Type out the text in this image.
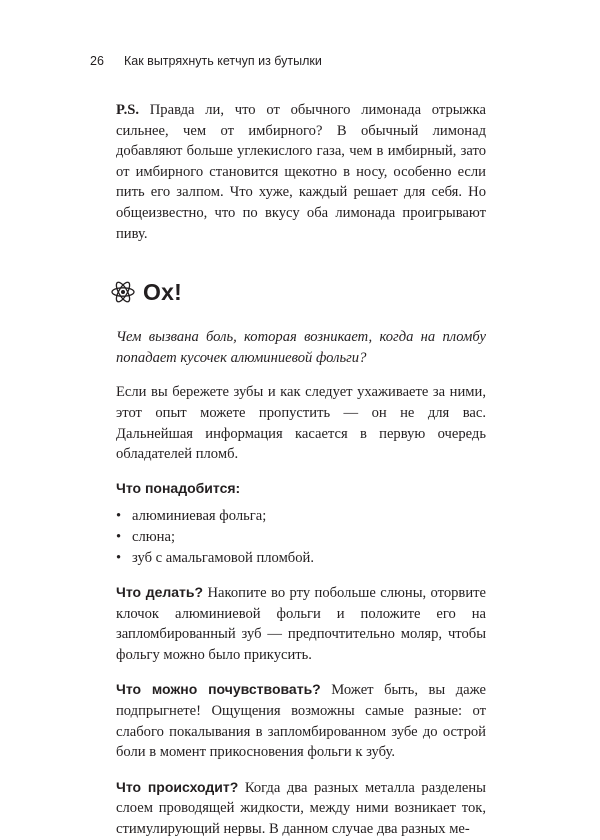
26	Как вытряхнуть кетчуп из бутылки

P.S. Правда ли, что от обычного лимонада отрыжка сильнее, чем от имбирного? В обычный лимонад добавляют больше углекислого газа, чем в имбирный, зато от имбирного становится щекотно в носу, особенно если пить его залпом. Что хуже, каждый решает для себя. Но общеизвестно, что по вкусу оба лимонада проигрывают пиву.

Ох!

Чем вызвана боль, которая возникает, когда на пломбу попадает кусочек алюминиевой фольги?

Если вы бережете зубы и как следует ухаживаете за ними, этот опыт можете пропустить — он не для вас. Дальнейшая информация касается в первую очередь обладателей пломб.

Что понадобится:

• алюминиевая фольга;
• слюна;
• зуб с амальгамовой пломбой.

Что делать? Накопите во рту побольше слюны, оторвите клочок алюминиевой фольги и положите его на запломбированный зуб — предпочтительно моляр, чтобы фольгу можно было прикусить.

Что можно почувствовать? Может быть, вы даже подпрыгнете! Ощущения возможны самые разные: от слабого покалывания в запломбированном зубе до острой боли в момент прикосновения фольги к зубу.

Что происходит? Когда два разных металла разделены слоем проводящей жидкости, между ними возникает ток, стимулирующий нервы. В данном случае два разных ме-
